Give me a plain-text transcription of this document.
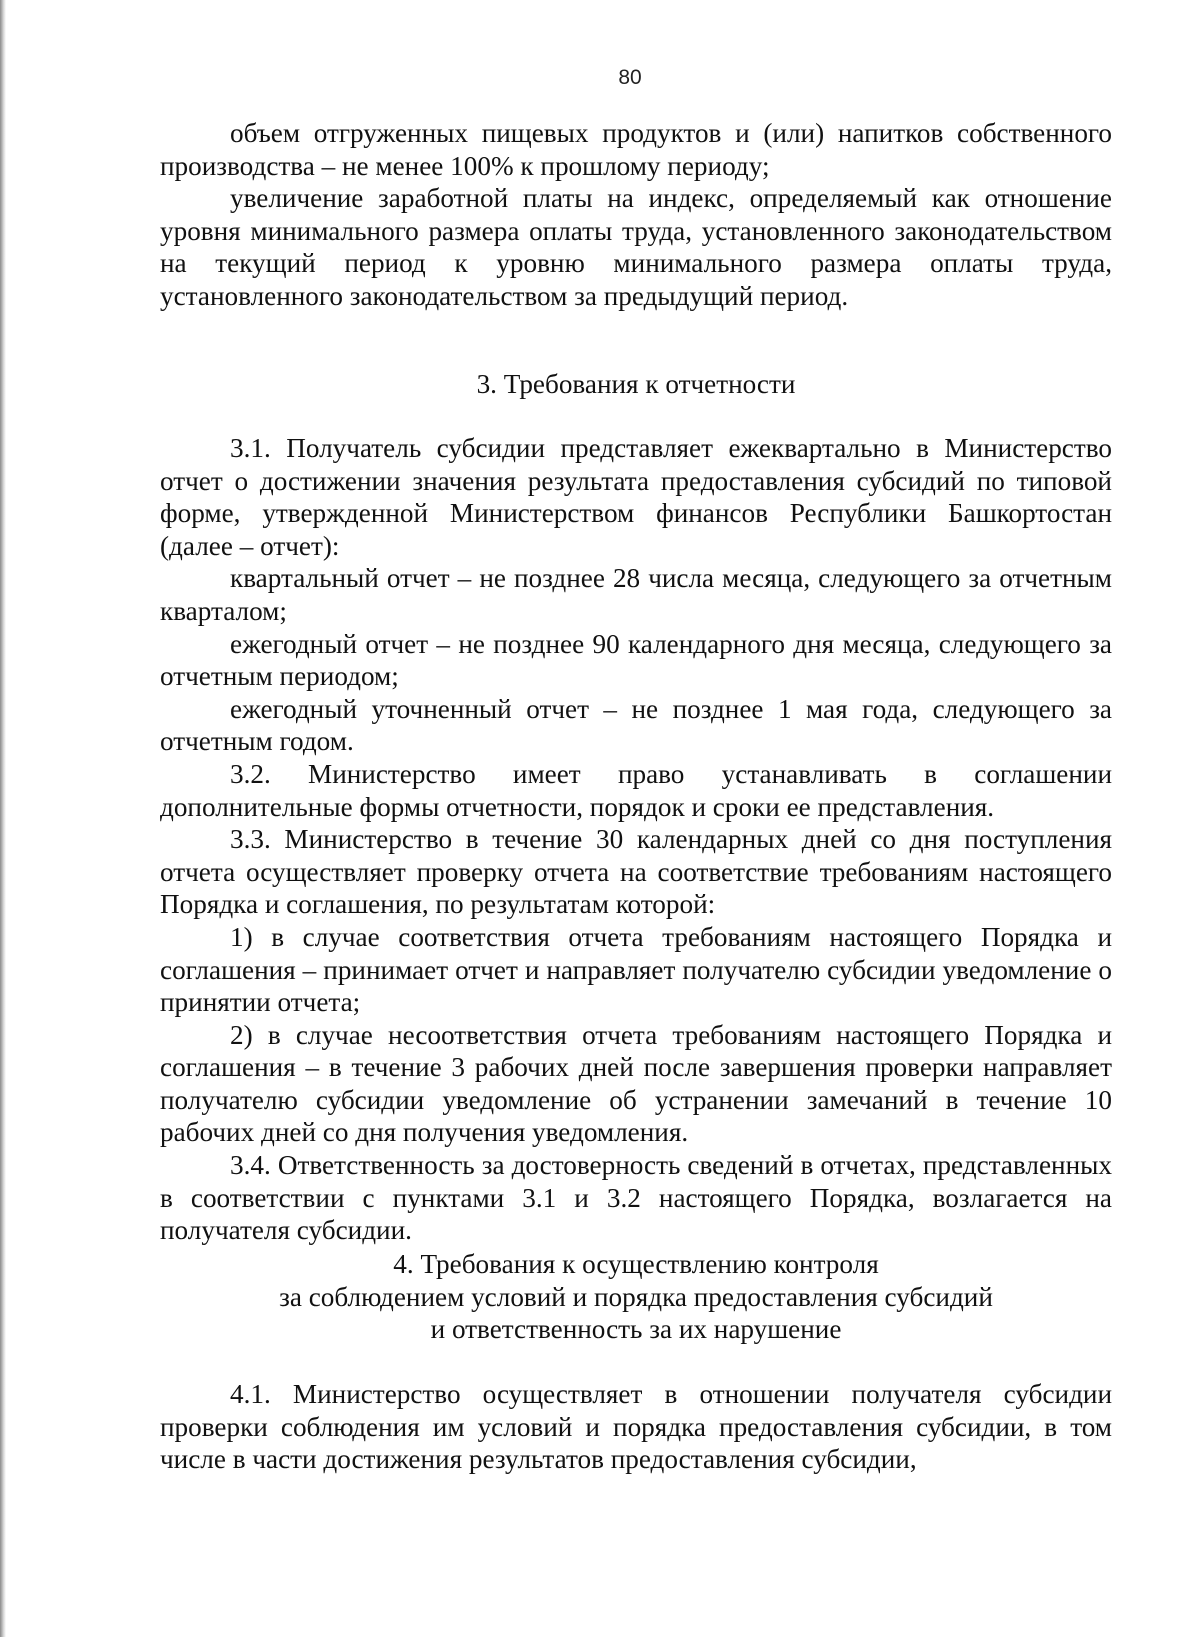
80

объем отгруженных пищевых продуктов и (или) напитков собственного производства – не менее 100% к прошлому периоду;

увеличение заработной платы на индекс, определяемый как отношение уровня минимального размера оплаты труда, установленного законодательством на текущий период к уровню минимального размера оплаты труда, установленного законодательством за предыдущий период.

3. Требования к отчетности

3.1. Получатель субсидии представляет ежеквартально в Министерство отчет о достижении значения результата предоставления субсидий по типовой форме, утвержденной Министерством финансов Республики Башкортостан (далее – отчет):

квартальный отчет – не позднее 28 числа месяца, следующего за отчетным кварталом;

ежегодный отчет – не позднее 90 календарного дня месяца, следующего за отчетным периодом;

ежегодный уточненный отчет – не позднее 1 мая года, следующего за отчетным годом.

3.2. Министерство имеет право устанавливать в соглашении дополнительные формы отчетности, порядок и сроки ее представления.

3.3. Министерство в течение 30 календарных дней со дня поступления отчета осуществляет проверку отчета на соответствие требованиям настоящего Порядка и соглашения, по результатам которой:

1) в случае соответствия отчета требованиям настоящего Порядка и соглашения – принимает отчет и направляет получателю субсидии уведомление о принятии отчета;

2) в случае несоответствия отчета требованиям настоящего Порядка и соглашения – в течение 3 рабочих дней после завершения проверки направляет получателю субсидии уведомление об устранении замечаний в течение 10 рабочих дней со дня получения уведомления.

3.4. Ответственность за достоверность сведений в отчетах, представленных в соответствии с пунктами 3.1 и 3.2 настоящего Порядка, возлагается на получателя субсидии.

4. Требования к осуществлению контроля
за соблюдением условий и порядка предоставления субсидий
и ответственность за их нарушение

4.1. Министерство осуществляет в отношении получателя субсидии проверки соблюдения им условий и порядка предоставления субсидии, в том числе в части достижения результатов предоставления субсидии,
